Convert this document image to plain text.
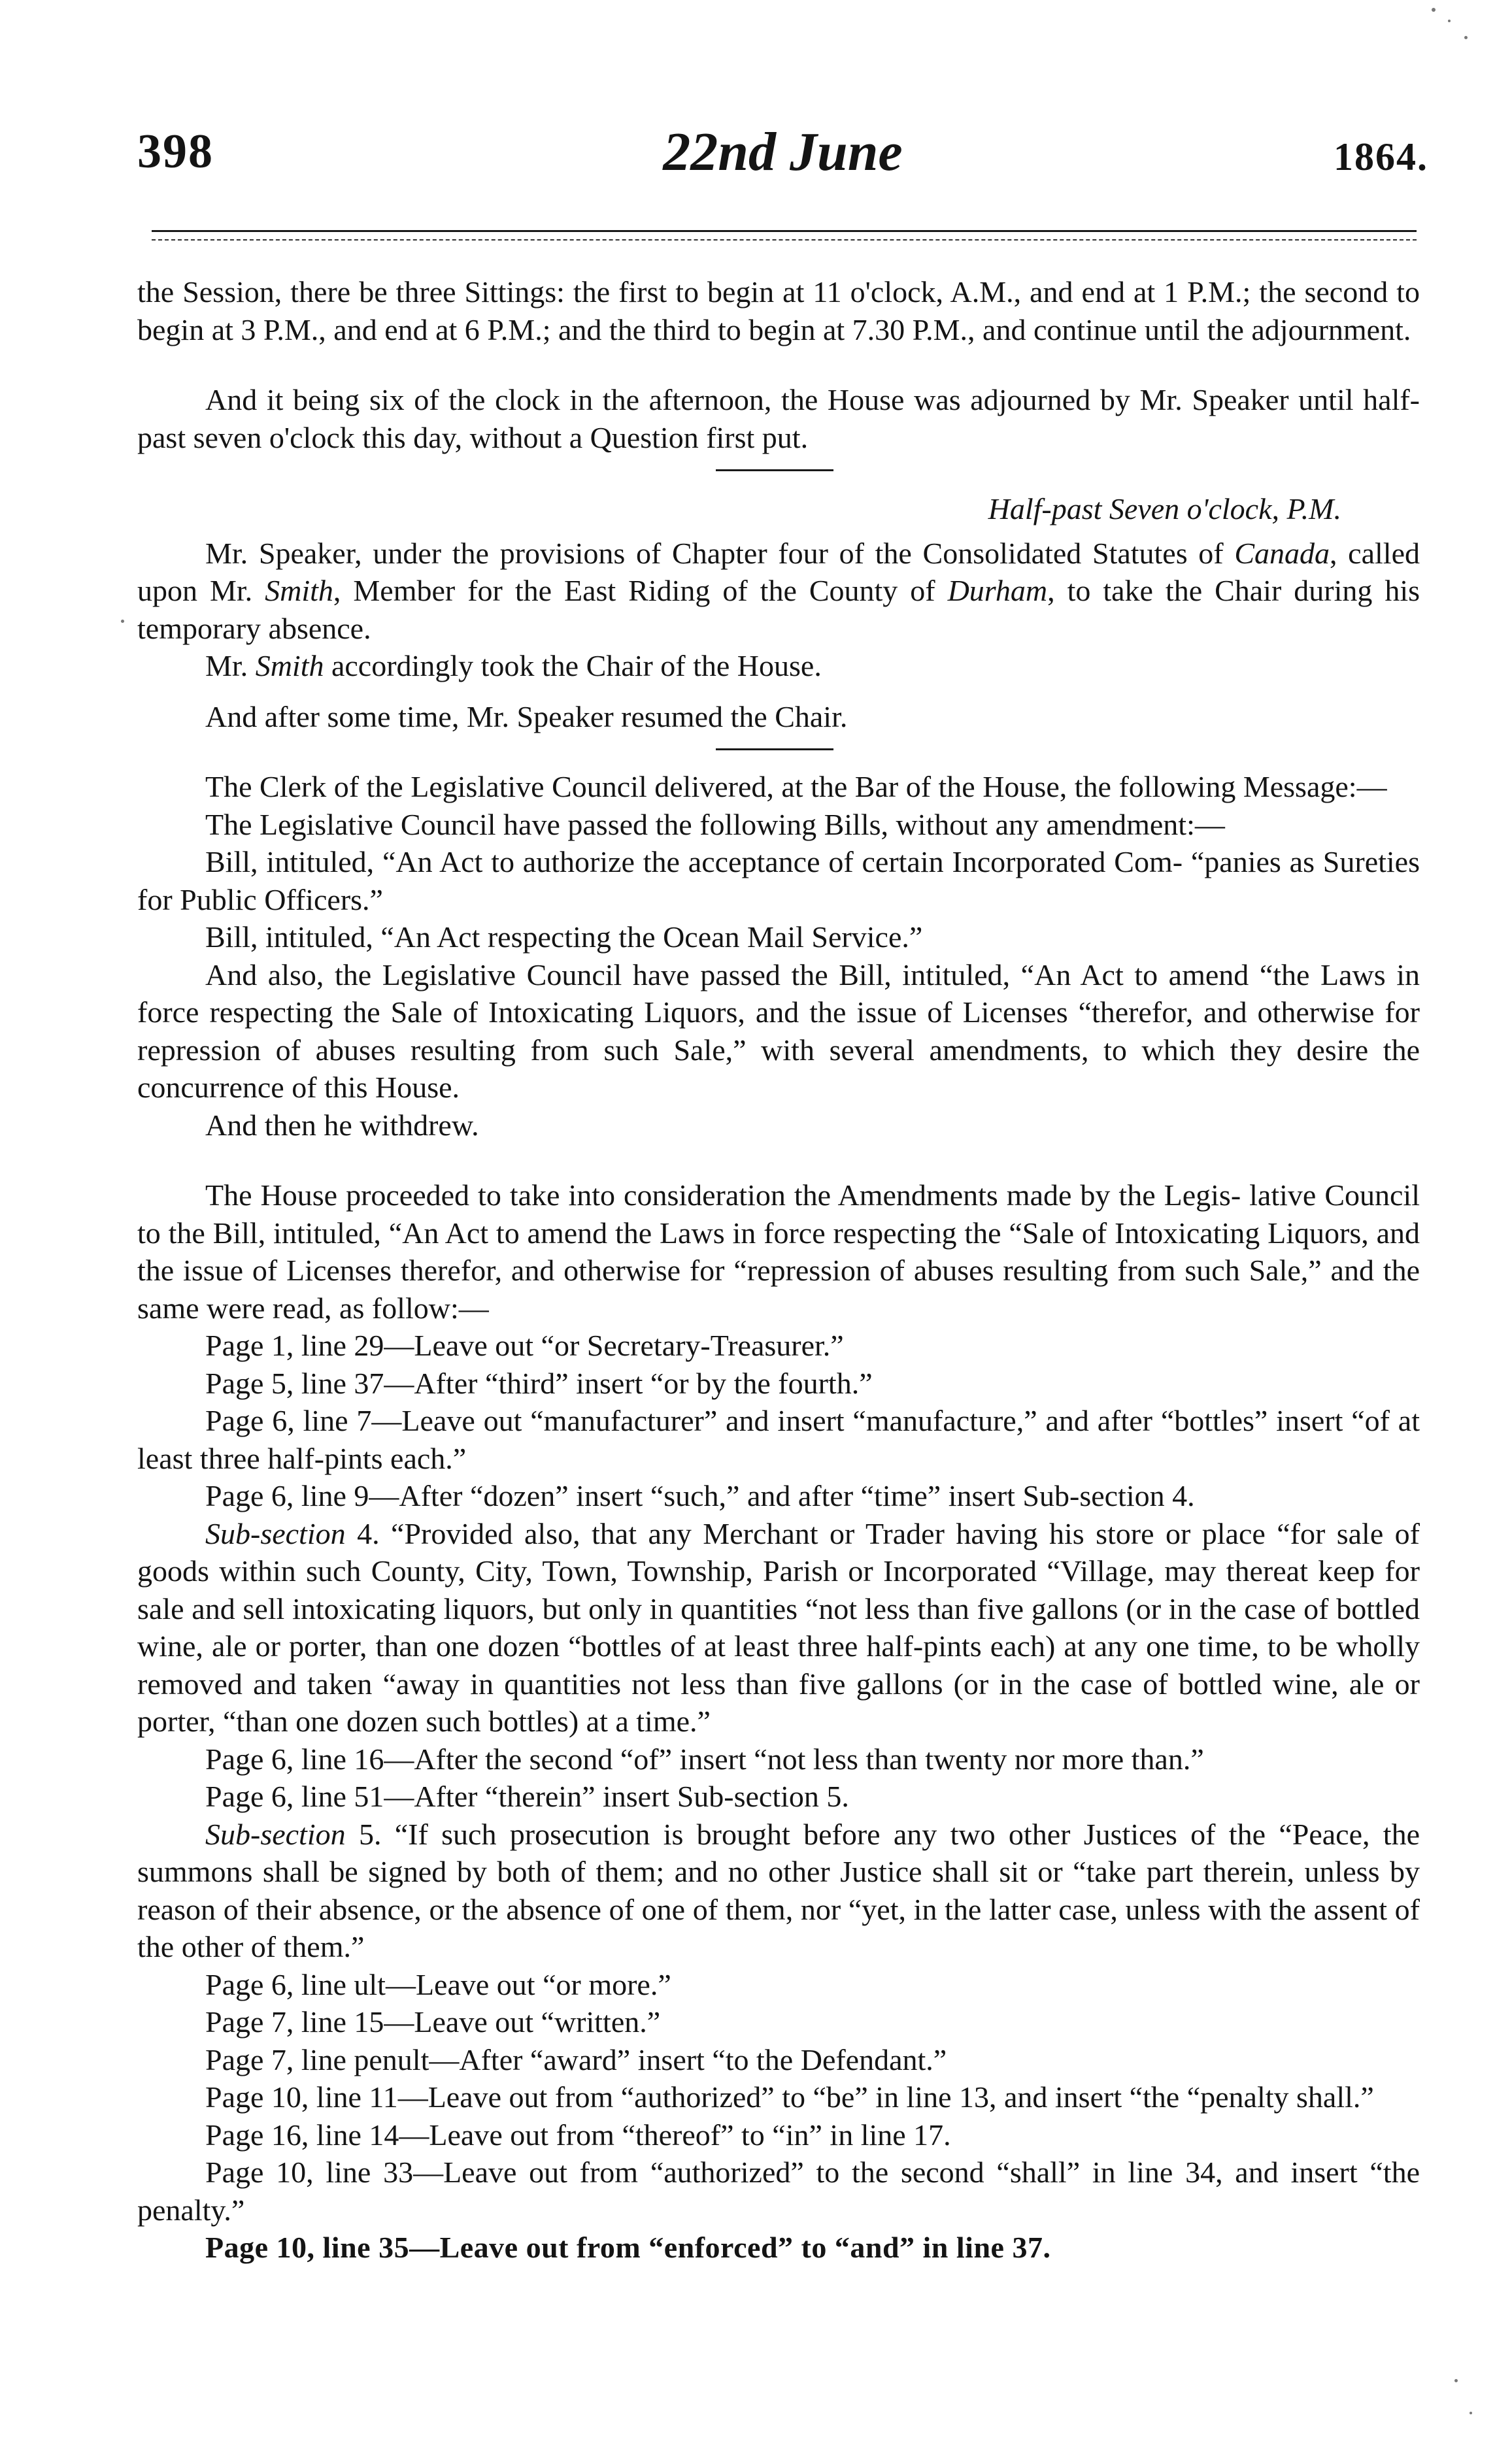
398	22nd June	1864.

the Session, there be three Sittings: the first to begin at 11 o'clock, A.M., and end at 1 P.M.; the second to begin at 3 P.M., and end at 6 P.M.; and the third to begin at 7.30 P.M., and continue until the adjournment.

And it being six of the clock in the afternoon, the House was adjourned by Mr. Speaker until half-past seven o'clock this day, without a Question first put.

Half-past Seven o'clock, P.M.

Mr. Speaker, under the provisions of Chapter four of the Consolidated Statutes of Canada, called upon Mr. Smith, Member for the East Riding of the County of Durham, to take the Chair during his temporary absence.

Mr. Smith accordingly took the Chair of the House.

And after some time, Mr. Speaker resumed the Chair.

The Clerk of the Legislative Council delivered, at the Bar of the House, the following Message:—

The Legislative Council have passed the following Bills, without any amendment:—

Bill, intituled, “An Act to authorize the acceptance of certain Incorporated Com- “panies as Sureties for Public Officers.”

Bill, intituled, “An Act respecting the Ocean Mail Service.”

And also, the Legislative Council have passed the Bill, intituled, “An Act to amend “the Laws in force respecting the Sale of Intoxicating Liquors, and the issue of Licenses “therefor, and otherwise for repression of abuses resulting from such Sale,” with several amendments, to which they desire the concurrence of this House.

And then he withdrew.

The House proceeded to take into consideration the Amendments made by the Legis- lative Council to the Bill, intituled, “An Act to amend the Laws in force respecting the “Sale of Intoxicating Liquors, and the issue of Licenses therefor, and otherwise for “repression of abuses resulting from such Sale,” and the same were read, as follow:—

Page 1, line 29—Leave out “or Secretary-Treasurer.”

Page 5, line 37—After “third” insert “or by the fourth.”

Page 6, line 7—Leave out “manufacturer” and insert “manufacture,” and after “bottles” insert “of at least three half-pints each.”

Page 6, line 9—After “dozen” insert “such,” and after “time” insert Sub-section 4.

Sub-section 4. “Provided also, that any Merchant or Trader having his store or place “for sale of goods within such County, City, Town, Township, Parish or Incorporated “Village, may thereat keep for sale and sell intoxicating liquors, but only in quantities “not less than five gallons (or in the case of bottled wine, ale or porter, than one dozen “bottles of at least three half-pints each) at any one time, to be wholly removed and taken “away in quantities not less than five gallons (or in the case of bottled wine, ale or porter, “than one dozen such bottles) at a time.”

Page 6, line 16—After the second “of” insert “not less than twenty nor more than.”

Page 6, line 51—After “therein” insert Sub-section 5.

Sub-section 5. “If such prosecution is brought before any two other Justices of the “Peace, the summons shall be signed by both of them; and no other Justice shall sit or “take part therein, unless by reason of their absence, or the absence of one of them, nor “yet, in the latter case, unless with the assent of the other of them.”

Page 6, line ult—Leave out “or more.”

Page 7, line 15—Leave out “written.”

Page 7, line penult—After “award” insert “to the Defendant.”

Page 10, line 11—Leave out from “authorized” to “be” in line 13, and insert “the “penalty shall.”

Page 16, line 14—Leave out from “thereof” to “in” in line 17.

Page 10, line 33—Leave out from “authorized” to the second “shall” in line 34, and insert “the penalty.”

Page 10, line 35—Leave out from “enforced” to “and” in line 37.
